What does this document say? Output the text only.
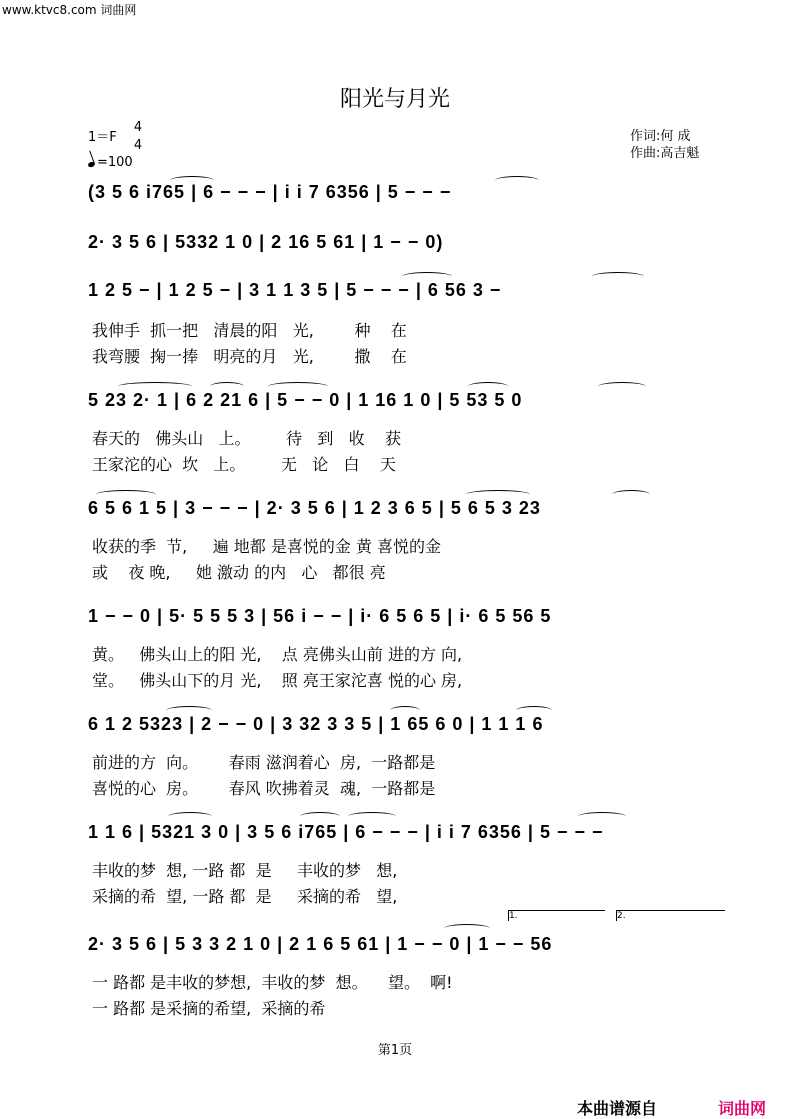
www.ktvc8.com 词曲网
阳光与月光
1＝F
4
4
=100
作词:何 成
作曲:高吉魁

(3 5 6 i765 | 6 − − − | i i 7 6356 | 5 − − −

2· 3 5 6 | 5332 1 0 | 2 16 5 61 | 1 − − 0)

1 2 5 − | 1 2 5 − | 3 1 1 3 5 | 5 − − − | 6 56 3 −

我伸手  抓一把   清晨的阳   光,        种    在
我弯腰  掬一捧   明亮的月   光,        撒    在

5 23 2· 1 | 6 2 21 6 | 5 − − 0 | 1 16 1 0 | 5 53 5 0

春天的   佛头山   上。       待   到   收    获
王家沱的心  坎   上。       无   论   白    天

6 5 6 1 5 | 3 − − − | 2· 3 5 6 | 1 2 3 6 5 | 5 6 5 3 23

收获的季  节,     遍 地都 是喜悦的金 黄 喜悦的金
或    夜 晚,     她 激动 的内   心   都很 亮

1 − − 0 | 5· 5 5 5 3 | 56 i − − | i· 6 5 6 5 | i· 6 5 56 5

黄。   佛头山上的阳 光,    点 亮佛头山前 进的方 向,
堂。   佛头山下的月 光,    照 亮王家沱喜 悦的心 房,

6 1 2 5323 | 2 − − 0 | 3 32 3 3 5 | 1 65 6 0 | 1 1 1 6

前进的方  向。      春雨 滋润着心  房,  一路都是
喜悦的心  房。      春风 吹拂着灵  魂,  一路都是

1 1 6 | 5321 3 0 | 3 5 6 i765 | 6 − − − | i i 7 6356 | 5 − − −

丰收的梦  想, 一路 都  是     丰收的梦   想,
采摘的希  望, 一路 都  是     采摘的希   望,
1.	2.

2· 3 5 6 | 5 3 3 2 1 0 | 2 1 6 5 61 | 1 − − 0 | 1 − − 56

一 路都 是丰收的梦想,  丰收的梦  想。    望。  啊!
一 路都 是采摘的希望,  采摘的希
第1页
本曲谱源自	词曲网
